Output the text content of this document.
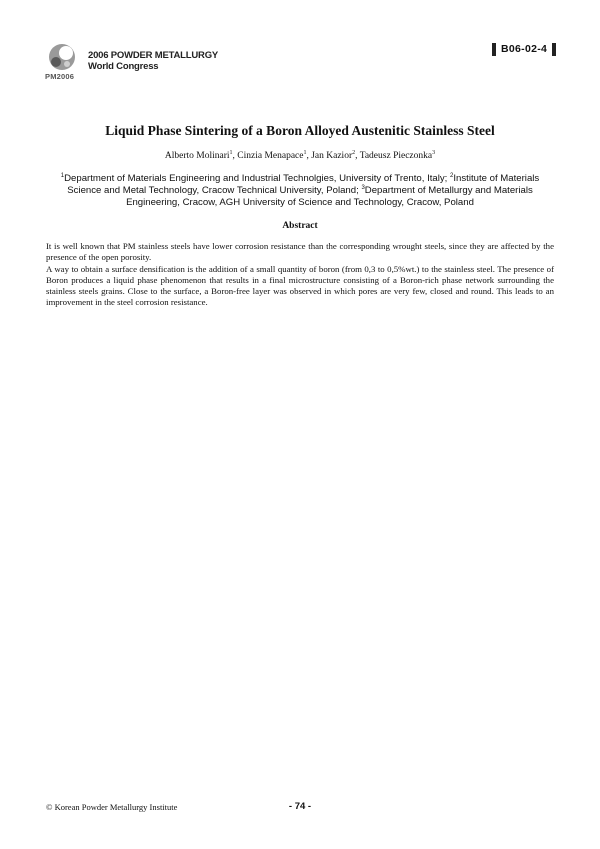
PM2006
2006 POWDER METALLURGY
World Congress
B06-02-4
Liquid Phase Sintering of a Boron Alloyed Austenitic Stainless Steel
Alberto Molinari$^1$, Cinzia Menapace$^1$, Jan Kazior$^2$, Tadeusz Pieczonka$^3$
$^1$Department of Materials Engineering and Industrial Technolgies, University of Trento, Italy; $^2$Institute of Materials Science and Metal Technology, Cracow Technical University, Poland; $^3$Department of Metallurgy and Materials Engineering, Cracow, AGH University of Science and Technology, Cracow, Poland
Abstract

It is well known that PM stainless steels have lower corrosion resistance than the corresponding wrought steels, since they are affected by the presence of the open porosity.

A way to obtain a surface densification is the addition of a small quantity of boron (from 0,3 to 0,5%wt.) to the stainless steel. The presence of Boron produces a liquid phase phenomenon that results in a final microstructure consisting of a Boron-rich phase network surrounding the stainless steels grains. Close to the surface, a Boron-free layer was observed in which pores are very few, closed and round. This leads to an improvement in the steel corrosion resistance.

© Korean Powder Metallurgy Institute	- 74 -
